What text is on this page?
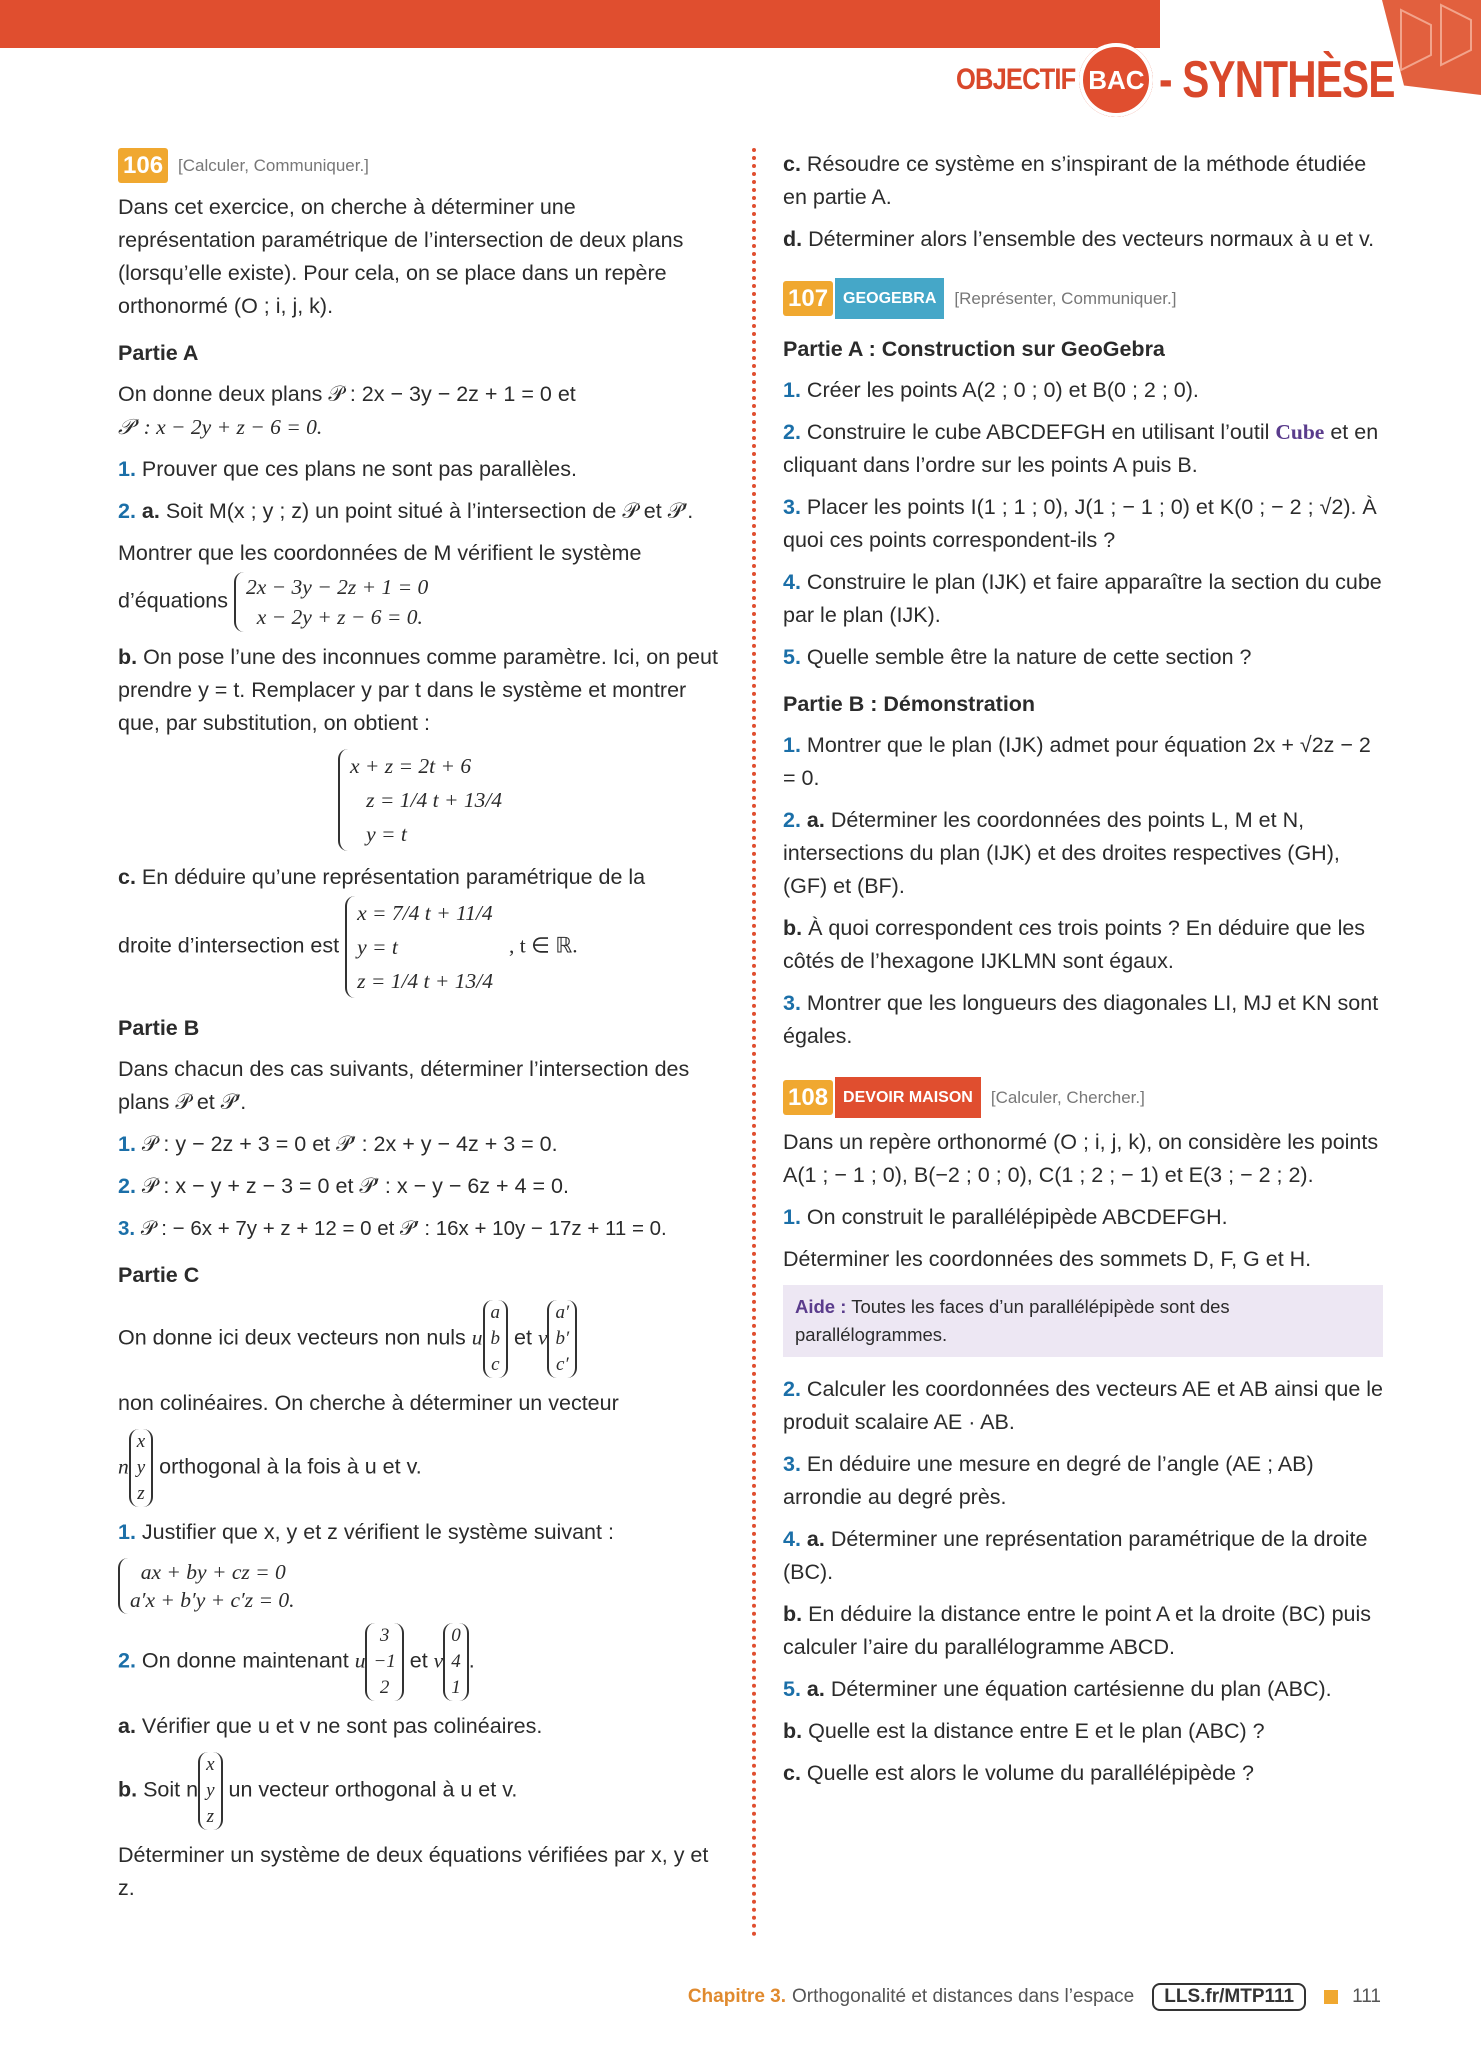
OBJECTIF BAC - SYNTHÈSE
106 [Calculer, Communiquer.]

Dans cet exercice, on cherche à déterminer une représentation paramétrique de l’intersection de deux plans (lorsqu’elle existe). Pour cela, on se place dans un repère orthonormé (O ; i, j, k).

Partie A

On donne deux plans 𝒫 : 2x − 3y − 2z + 1 = 0 et
𝒫′ : x − 2y + z − 6 = 0.

1. Prouver que ces plans ne sont pas parallèles.

2. a. Soit M(x ; y ; z) un point situé à l’intersection de 𝒫 et 𝒫′.

Montrer que les coordonnées de M vérifient le système

d’équations 2x − 3y − 2z + 1 = 0
x − 2y + z − 6 = 0.

b. On pose l’une des inconnues comme paramètre. Ici, on peut prendre y = t. Remplacer y par t dans le système et montrer que, par substitution, on obtient :

x + z = 2t + 6
z = 1/4 t + 13/4
y = t

c. En déduire qu’une représentation paramétrique de la

droite d’intersection est x = 7/4 t + 11/4
y = t
z = 1/4 t + 13/4 , t ∈ ℝ.

Partie B

Dans chacun des cas suivants, déterminer l’intersection des plans 𝒫 et 𝒫′.

1. 𝒫 : y − 2z + 3 = 0 et 𝒫′ : 2x + y − 4z + 3 = 0.

2. 𝒫 : x − y + z − 3 = 0 et 𝒫′ : x − y − 6z + 4 = 0.

3. 𝒫 : − 6x + 7y + z + 12 = 0 et 𝒫′ : 16x + 10y − 17z + 11 = 0.

Partie C

On donne ici deux vecteurs non nuls ua
b
c et va′
b′
c′

non colinéaires. On cherche à déterminer un vecteur

nx
y
z orthogonal à la fois à u et v.

1. Justifier que x, y et z vérifient le système suivant :

ax + by + cz = 0
a′x + b′y + c′z = 0.

2. On donne maintenant u3
−1
2 et v0
4
1.

a. Vérifier que u et v ne sont pas colinéaires.

b. Soit nx
y
z un vecteur orthogonal à u et v.

Déterminer un système de deux équations vérifiées par x, y et z.

c. Résoudre ce système en s’inspirant de la méthode étudiée en partie A.

d. Déterminer alors l’ensemble des vecteurs normaux à u et v.

107 GEOGEBRA	[Représenter, Communiquer.]
Partie A : Construction sur GeoGebra

1. Créer les points A(2 ; 0 ; 0) et B(0 ; 2 ; 0).

2. Construire le cube ABCDEFGH en utilisant l’outil Cube et en cliquant dans l’ordre sur les points A puis B.

3. Placer les points I(1 ; 1 ; 0), J(1 ; − 1 ; 0) et K(0 ; − 2 ; √2). À quoi ces points correspondent-ils ?

4. Construire le plan (IJK) et faire apparaître la section du cube par le plan (IJK).

5. Quelle semble être la nature de cette section ?

Partie B : Démonstration

1. Montrer que le plan (IJK) admet pour équation 2x + √2z − 2 = 0.

2. a. Déterminer les coordonnées des points L, M et N, intersections du plan (IJK) et des droites respectives (GH), (GF) et (BF).

b. À quoi correspondent ces trois points ? En déduire que les côtés de l’hexagone IJKLMN sont égaux.

3. Montrer que les longueurs des diagonales LI, MJ et KN sont égales.

108 DEVOIR MAISON	[Calculer, Chercher.]

Dans un repère orthonormé (O ; i, j, k), on considère les points A(1 ; − 1 ; 0), B(−2 ; 0 ; 0), C(1 ; 2 ; − 1) et E(3 ; − 2 ; 2).

1. On construit le parallélépipède ABCDEFGH.

Déterminer les coordonnées des sommets D, F, G et H.

Aide : Toutes les faces d’un parallélépipède sont des parallélogrammes.

2. Calculer les coordonnées des vecteurs AE et AB ainsi que le produit scalaire AE · AB.

3. En déduire une mesure en degré de l’angle (AE ; AB) arrondie au degré près.

4. a. Déterminer une représentation paramétrique de la droite (BC).

b. En déduire la distance entre le point A et la droite (BC) puis calculer l’aire du parallélogramme ABCD.

5. a. Déterminer une équation cartésienne du plan (ABC).

b. Quelle est la distance entre E et le plan (ABC) ?

c. Quelle est alors le volume du parallélépipède ?

Chapitre 3. Orthogonalité et distances dans l’espace	LLS.fr/MTP111	111
